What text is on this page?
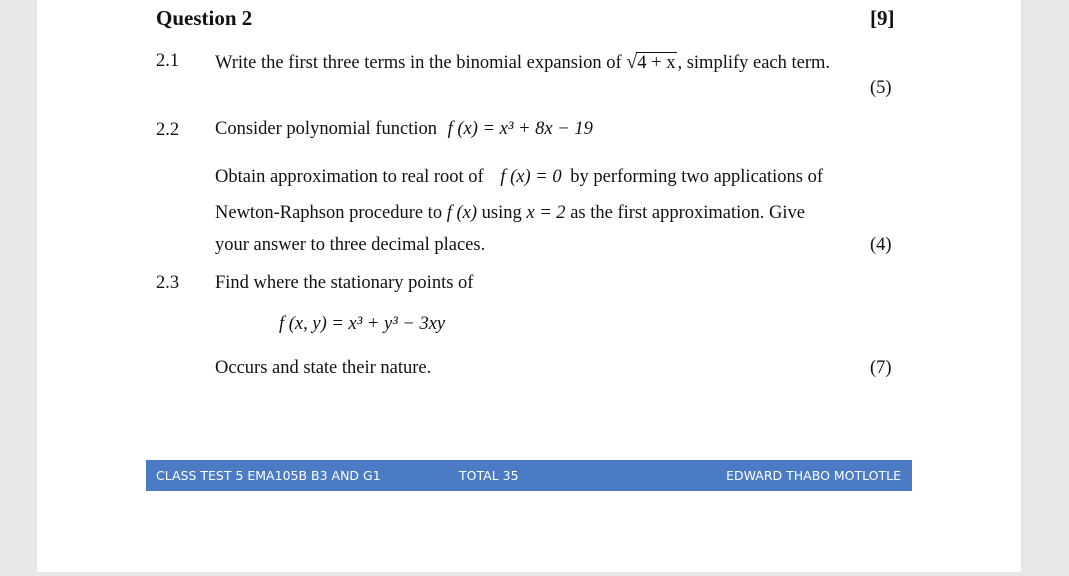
Question 2	[9]
2.1 Write the first three terms in the binomial expansion of √4 + x , simplify each term.
(5)
2.2 Consider polynomial function f (x) = x³ + 8x − 19
Obtain approximation to real root of f (x) = 0 by performing two applications of
Newton-Raphson procedure to f (x) using x = 2 as the first approximation. Give
your answer to three decimal places.	(4)
2.3 Find where the stationary points of
f (x, y) = x³ + y³ − 3xy
Occurs and state their nature.	(7)
CLASS TEST 5 EMA105B B3 AND G1	TOTAL 35	EDWARD THABO MOTLOTLE
